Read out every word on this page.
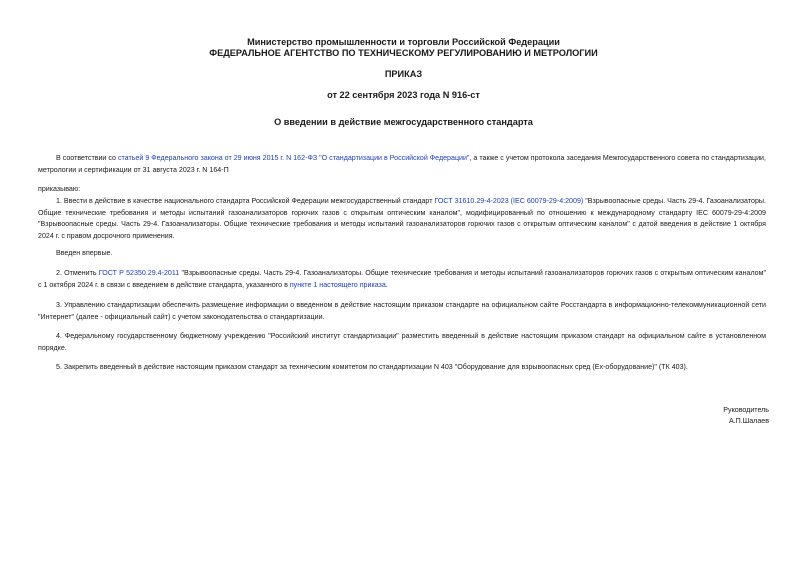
Министерство промышленности и торговли Российской Федерации
ФЕДЕРАЛЬНОЕ АГЕНТСТВО ПО ТЕХНИЧЕСКОМУ РЕГУЛИРОВАНИЮ И МЕТРОЛОГИИ
ПРИКАЗ
от 22 сентября 2023 года N 916-ст
О введении в действие межгосударственного стандарта
В соответствии со статьей 9 Федерального закона от 29 июня 2015 г. N 162-ФЗ "О стандартизации в Российской Федерации", а также с учетом протокола заседания Межгосударственного совета по стандартизации, метрологии и сертификации от 31 августа 2023 г. N 164-П
приказываю:
1. Ввести в действие в качестве национального стандарта Российской Федерации межгосударственный стандарт ГОСТ 31610.29-4-2023 (IEC 60079-29-4:2009) "Взрывоопасные среды. Часть 29-4. Газоанализаторы. Общие технические требования и методы испытаний газоанализаторов горючих газов с открытым оптическим каналом", модифицированный по отношению к международному стандарту IEC 60079-29-4:2009 "Взрывоопасные среды. Часть 29-4. Газоанализаторы. Общие технические требования и методы испытаний газоанализаторов горючих газов с открытым оптическим каналом" с датой введения в действие 1 октября 2024 г. с правом досрочного применения.
Введен впервые.
2. Отменить ГОСТ Р 52350.29.4-2011 "Взрывоопасные среды. Часть 29-4. Газоанализаторы. Общие технические требования и методы испытаний газоанализаторов горючих газов с открытым оптическим каналом" с 1 октября 2024 г. в связи с введением в действие стандарта, указанного в пункте 1 настоящего приказа.
3. Управлению стандартизации обеспечить размещение информации о введенном в действие настоящим приказом стандарте на официальном сайте Росстандарта в информационно-телекоммуникационной сети "Интернет" (далее - официальный сайт) с учетом законодательства о стандартизации.
4. Федеральному государственному бюджетному учреждению "Российский институт стандартизации" разместить введенный в действие настоящим приказом стандарт на официальном сайте в установленном порядке.
5. Закрепить введенный в действие настоящим приказом стандарт за техническим комитетом по стандартизации N 403 "Оборудование для взрывоопасных сред (Ех-оборудование)" (ТК 403).
Руководитель
А.П.Шалаев
